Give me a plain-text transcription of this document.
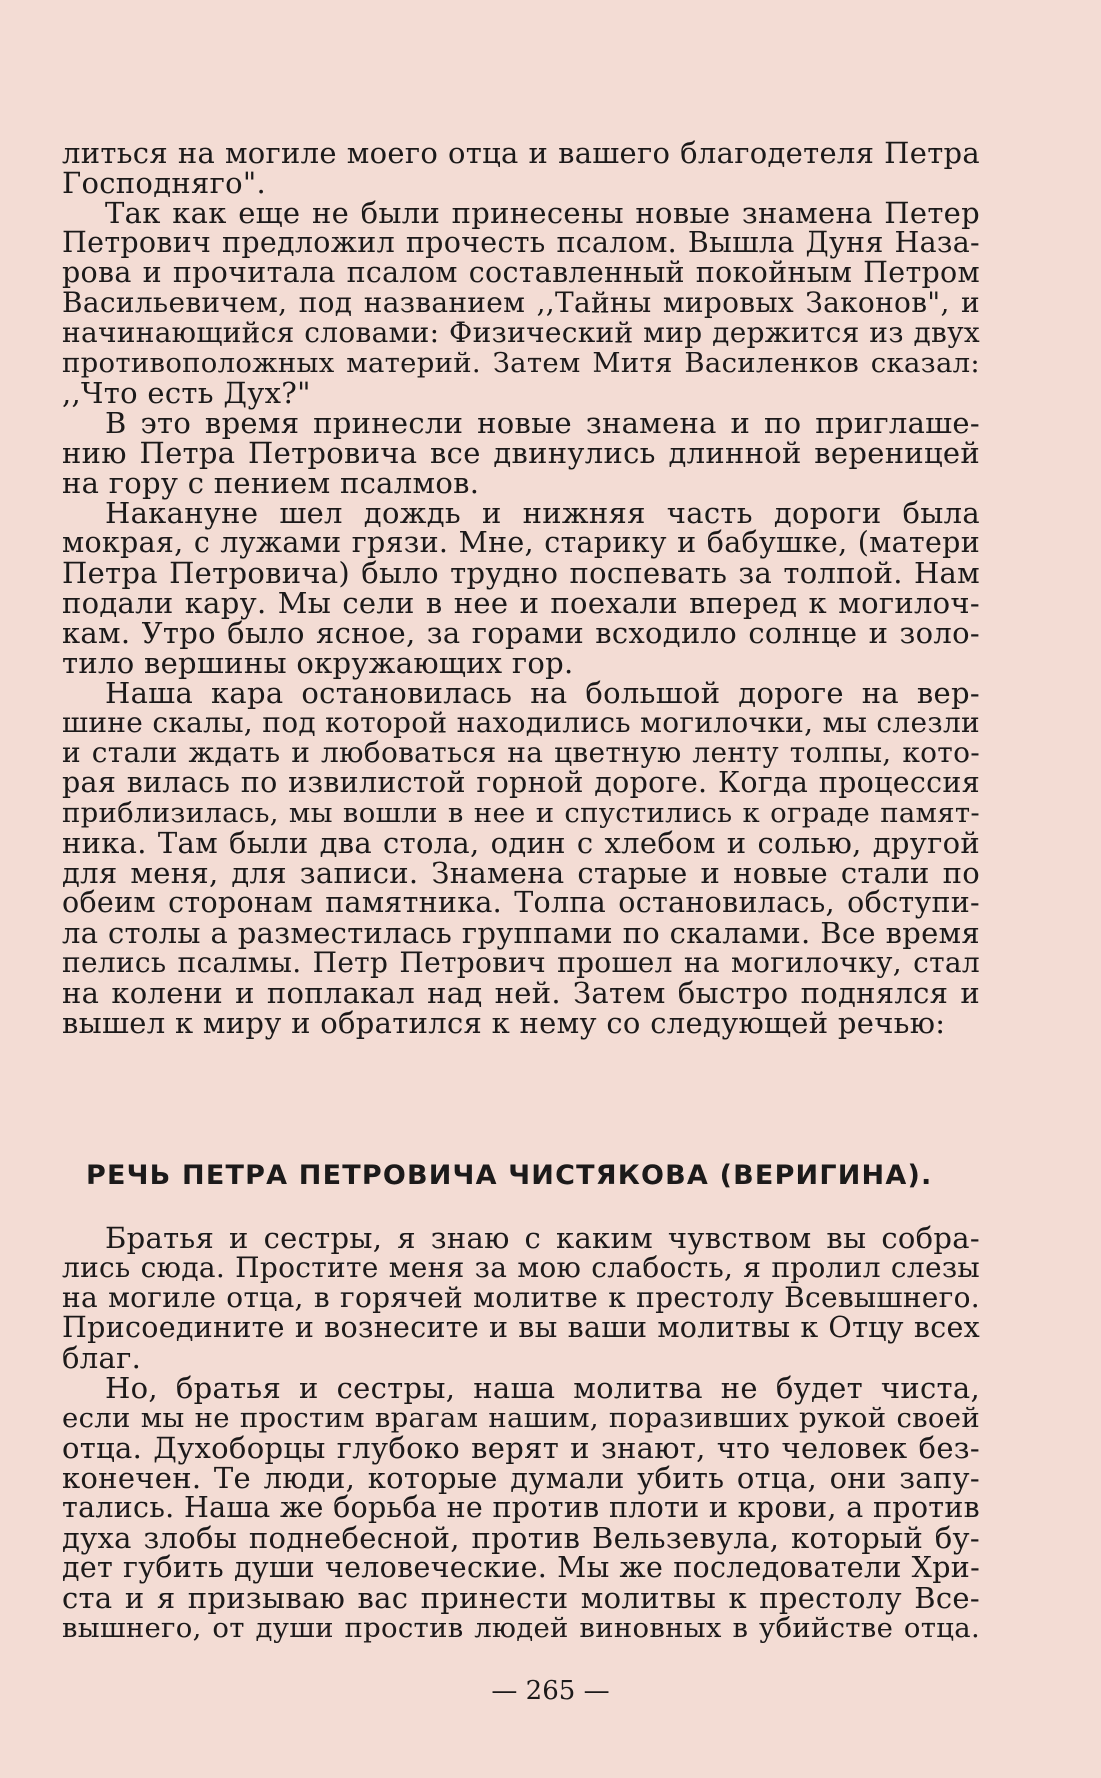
литься на могиле моего отца и вашего благодетеля Петра
Господняго".
Так как еще не были принесены новые знамена Петер
Петрович предложил прочесть псалом. Вышла Дуня Наза-
рова и прочитала псалом составленный покойным Петром
Васильевичем, под названием ,,Тайны мировых Законов", и
начинающийся словами: Физический мир держится из двух
противоположных материй. Затем Митя Василенков сказал:
,,Что есть Дух?"
В это время принесли новые знамена и по приглаше-
нию Петра Петровича все двинулись длинной вереницей
на гору с пением псалмов.
Накануне шел дождь и нижняя часть дороги была
мокрая, с лужами грязи. Мне, старику и бабушке, (матери
Петра Петровича) было трудно поспевать за толпой. Нам
подали кару. Мы сели в нее и поехали вперед к могилоч-
кам. Утро было ясное, за горами всходило солнце и золо-
тило вершины окружающих гор.
Наша кара остановилась на большой дороге на вер-
шине скалы, под которой находились могилочки, мы слезли
и стали ждать и любоваться на цветную ленту толпы, кото-
рая вилась по извилистой горной дороге. Когда процессия
приблизилась, мы вошли в нее и спустились к ограде памят-
ника. Там были два стола, один с хлебом и солью, другой
для меня, для записи. Знамена старые и новые стали по
обеим сторонам памятника. Толпа остановилась, обступи-
ла столы а разместилась группами по скалами. Все время
пелись псалмы. Петр Петрович прошел на могилочку, стал
на колени и поплакал над ней. Затем быстро поднялся и
вышел к миру и обратился к нему со следующей речью:
РЕЧЬ ПЕТРА ПЕТРОВИЧА ЧИСТЯКОВА (ВЕРИГИНА).
Братья и сестры, я знаю с каким чувством вы собра-
лись сюда. Простите меня за мою слабость, я пролил слезы
на могиле отца, в горячей молитве к престолу Всевышнего.
Присоедините и вознесите и вы ваши молитвы к Отцу всех
благ.
Но, братья и сестры, наша молитва не будет чиста,
если мы не простим врагам нашим, поразивших рукой своей
отца. Духоборцы глубоко верят и знают, что человек без-
конечен. Те люди, которые думали убить отца, они запу-
тались. Наша же борьба не против плоти и крови, а против
духа злобы поднебесной, против Вельзевула, который бу-
дет губить души человеческие. Мы же последователи Хри-
ста и я призываю вас принести молитвы к престолу Все-
вышнего, от души простив людей виновных в убийстве отца.
— 265 —
